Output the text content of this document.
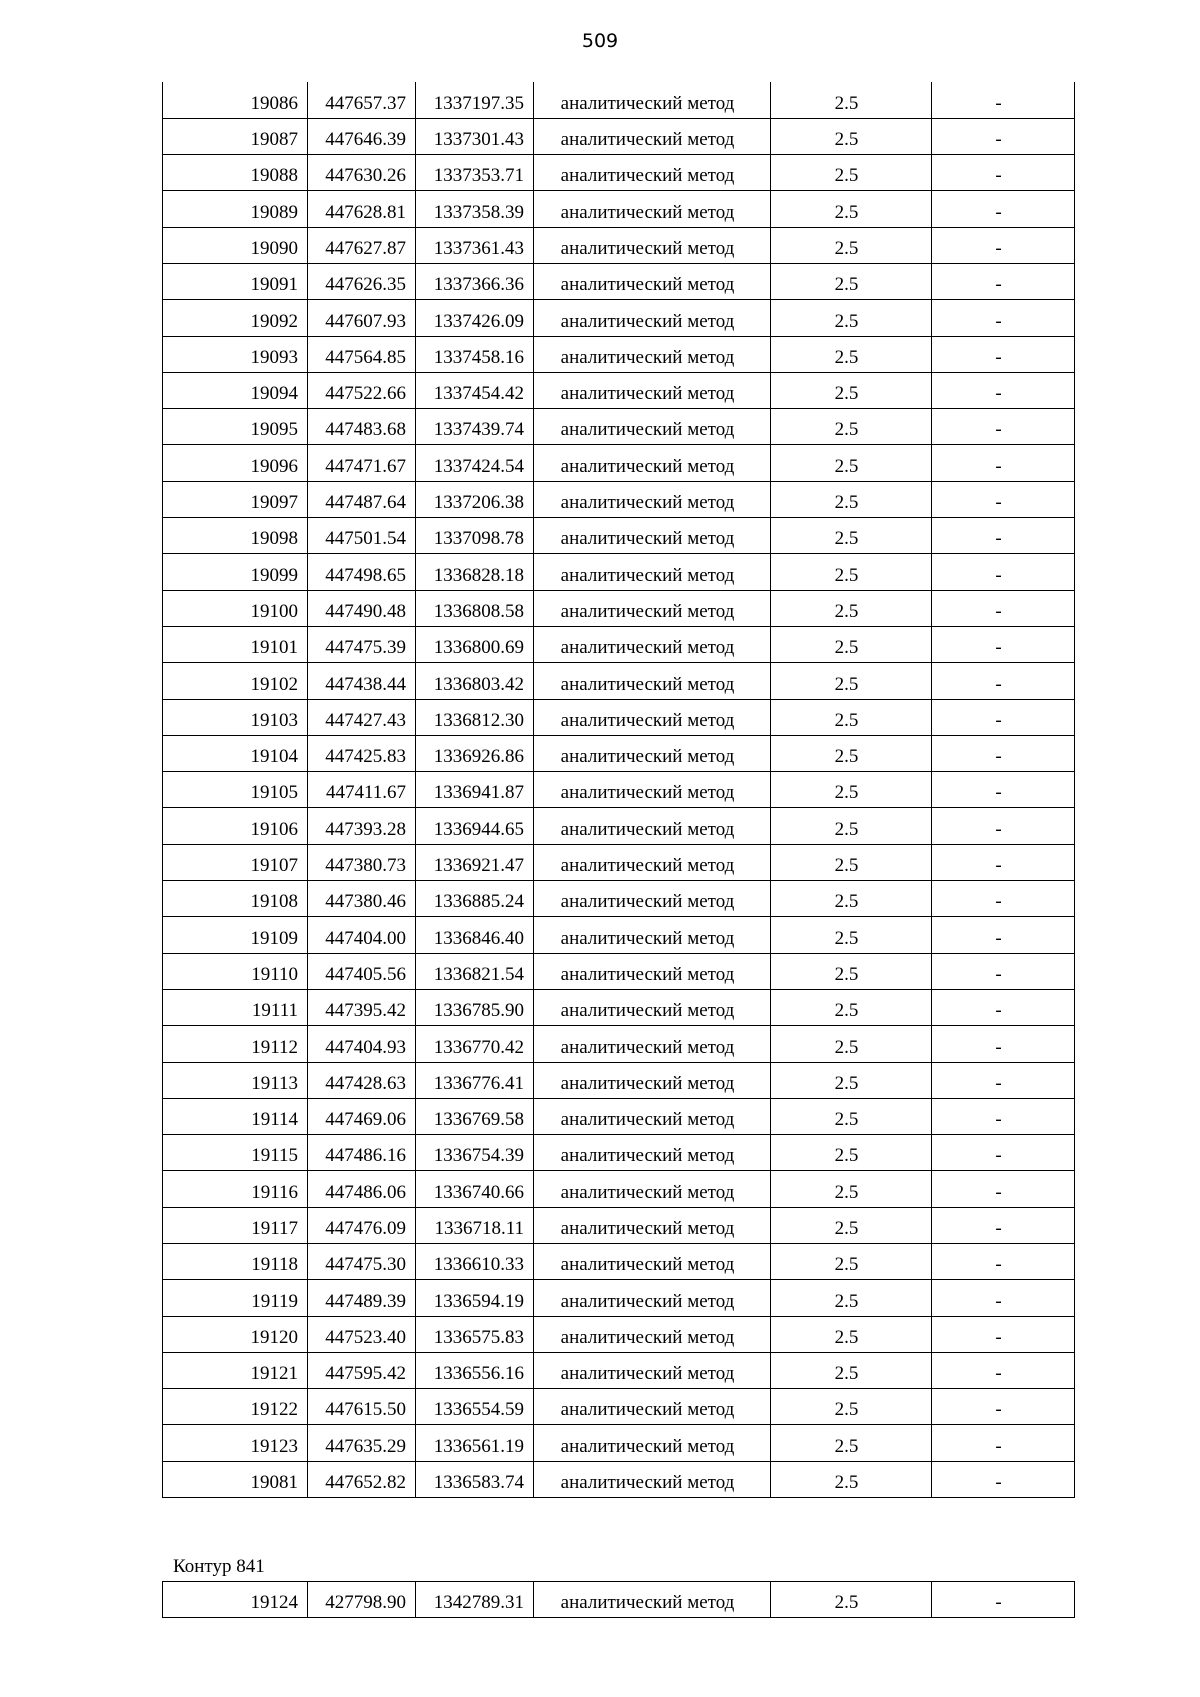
509
19086	447657.37	1337197.35	аналитический метод	2.5	-
19087	447646.39	1337301.43	аналитический метод	2.5	-
19088	447630.26	1337353.71	аналитический метод	2.5	-
19089	447628.81	1337358.39	аналитический метод	2.5	-
19090	447627.87	1337361.43	аналитический метод	2.5	-
19091	447626.35	1337366.36	аналитический метод	2.5	-
19092	447607.93	1337426.09	аналитический метод	2.5	-
19093	447564.85	1337458.16	аналитический метод	2.5	-
19094	447522.66	1337454.42	аналитический метод	2.5	-
19095	447483.68	1337439.74	аналитический метод	2.5	-
19096	447471.67	1337424.54	аналитический метод	2.5	-
19097	447487.64	1337206.38	аналитический метод	2.5	-
19098	447501.54	1337098.78	аналитический метод	2.5	-
19099	447498.65	1336828.18	аналитический метод	2.5	-
19100	447490.48	1336808.58	аналитический метод	2.5	-
19101	447475.39	1336800.69	аналитический метод	2.5	-
19102	447438.44	1336803.42	аналитический метод	2.5	-
19103	447427.43	1336812.30	аналитический метод	2.5	-
19104	447425.83	1336926.86	аналитический метод	2.5	-
19105	447411.67	1336941.87	аналитический метод	2.5	-
19106	447393.28	1336944.65	аналитический метод	2.5	-
19107	447380.73	1336921.47	аналитический метод	2.5	-
19108	447380.46	1336885.24	аналитический метод	2.5	-
19109	447404.00	1336846.40	аналитический метод	2.5	-
19110	447405.56	1336821.54	аналитический метод	2.5	-
19111	447395.42	1336785.90	аналитический метод	2.5	-
19112	447404.93	1336770.42	аналитический метод	2.5	-
19113	447428.63	1336776.41	аналитический метод	2.5	-
19114	447469.06	1336769.58	аналитический метод	2.5	-
19115	447486.16	1336754.39	аналитический метод	2.5	-
19116	447486.06	1336740.66	аналитический метод	2.5	-
19117	447476.09	1336718.11	аналитический метод	2.5	-
19118	447475.30	1336610.33	аналитический метод	2.5	-
19119	447489.39	1336594.19	аналитический метод	2.5	-
19120	447523.40	1336575.83	аналитический метод	2.5	-
19121	447595.42	1336556.16	аналитический метод	2.5	-
19122	447615.50	1336554.59	аналитический метод	2.5	-
19123	447635.29	1336561.19	аналитический метод	2.5	-
19081	447652.82	1336583.74	аналитический метод	2.5	-
Контур 841
19124	427798.90	1342789.31	аналитический метод	2.5	-
